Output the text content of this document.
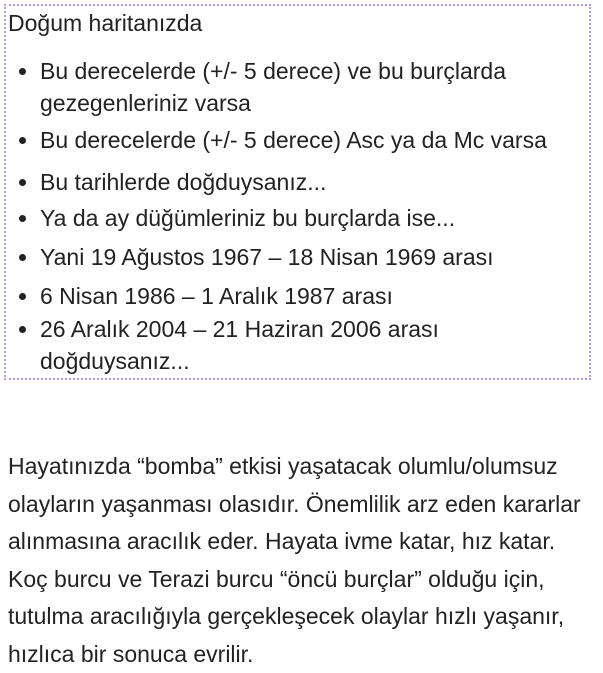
Doğum haritanızda
Bu derecelerde (+/- 5 derece) ve bu burçlarda
gezegenleriniz varsa
Bu derecelerde (+/- 5 derece) Asc ya da Mc varsa
Bu tarihlerde doğduysanız...
Ya da ay düğümleriniz bu burçlarda ise...
Yani 19 Ağustos 1967 – 18 Nisan 1969 arası
6 Nisan 1986 – 1 Aralık 1987 arası
26 Aralık 2004 – 21 Haziran 2006 arası
doğduysanız...

Hayatınızda “bomba” etkisi yaşatacak olumlu/olumsuz
olayların yaşanması olasıdır. Önemlilik arz eden kararlar
alınmasına aracılık eder. Hayata ivme katar, hız katar.
Koç burcu ve Terazi burcu “öncü burçlar” olduğu için,
tutulma aracılığıyla gerçekleşecek olaylar hızlı yaşanır,
hızlıca bir sonuca evrilir.
